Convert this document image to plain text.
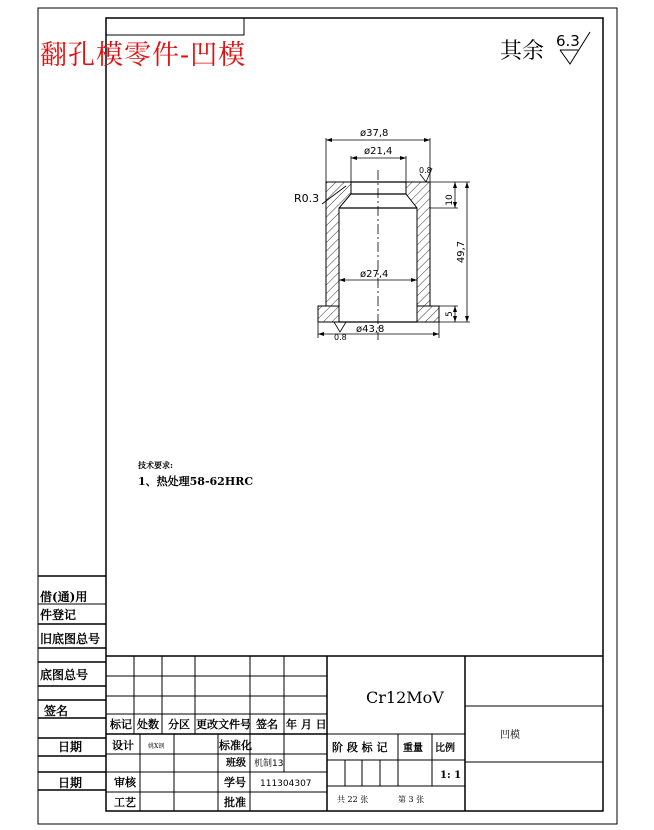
翻孔模零件-凹模	其余 6.3
ø37,8
ø21,4
ø27,4
ø43,8
R0.3
0.8
0.8
10
49,7
5
技术要求:
1、热处理58-62HRC
借(通)用
件登记
旧底图总号
底图总号
签名
日期
日期
标记 处数 分区 更改文件号 签名 年 月 日
设计 姚X钢	标准化
班级 机制13
审核	学号 111304307
工艺	批准
Cr12MoV
阶 段 标 记 重量 比例
1: 1
共 22 张	第 3 张
凹模
